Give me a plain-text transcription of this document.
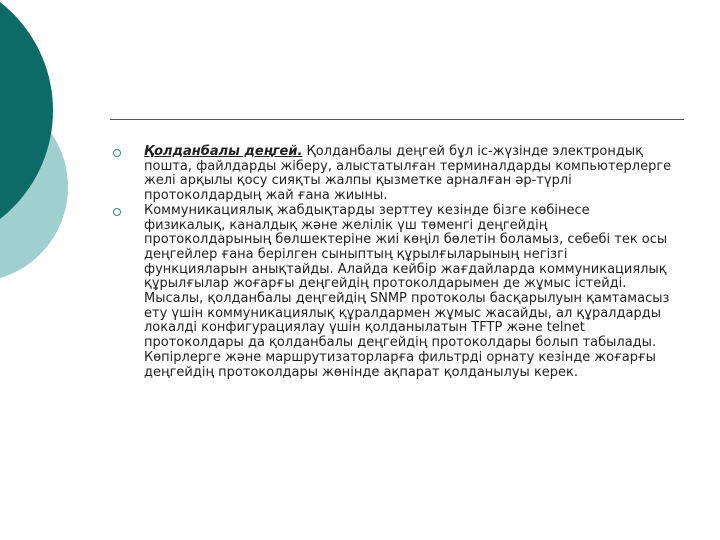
Қолданбалы деңгей. Қолданбалы деңгей бұл іс-жүзінде электрондық пошта, файлдарды жіберу, алыстатылған терминалдарды компьютерлерге желі арқылы қосу сияқты жалпы қызметке арналған әр-түрлі протоколдардың жай ғана жиыны.
Коммуникациялық жабдықтарды зерттеу кезінде бізге көбінесе физикалық, каналдық және желілік үш төменгі деңгейдің протоколдарының бөлшектеріне жиі көңіл бөлетін боламыз, себебі тек осы деңгейлер ғана берілген сыныптың құрылғыларының негізгі функцияларын анықтайды. Алайда кейбір жағдайларда коммуникациялық құрылғылар жоғарғы деңгейдің протоколдарымен де жұмыс істейді. Мысалы, қолданбалы деңгейдің SNMP протоколы басқарылуын қамтамасыз ету үшін коммуникациялық құралдармен жұмыс жасайды, ал құралдарды локалді конфигурациялау үшін қолданылатын TFTP және telnet протоколдары да қолданбалы деңгейдің протоколдары болып табылады. Көпірлерге және маршрутизаторларға фильтрді орнату кезінде жоғарғы деңгейдің протоколдары жөнінде ақпарат қолданылуы керек.
